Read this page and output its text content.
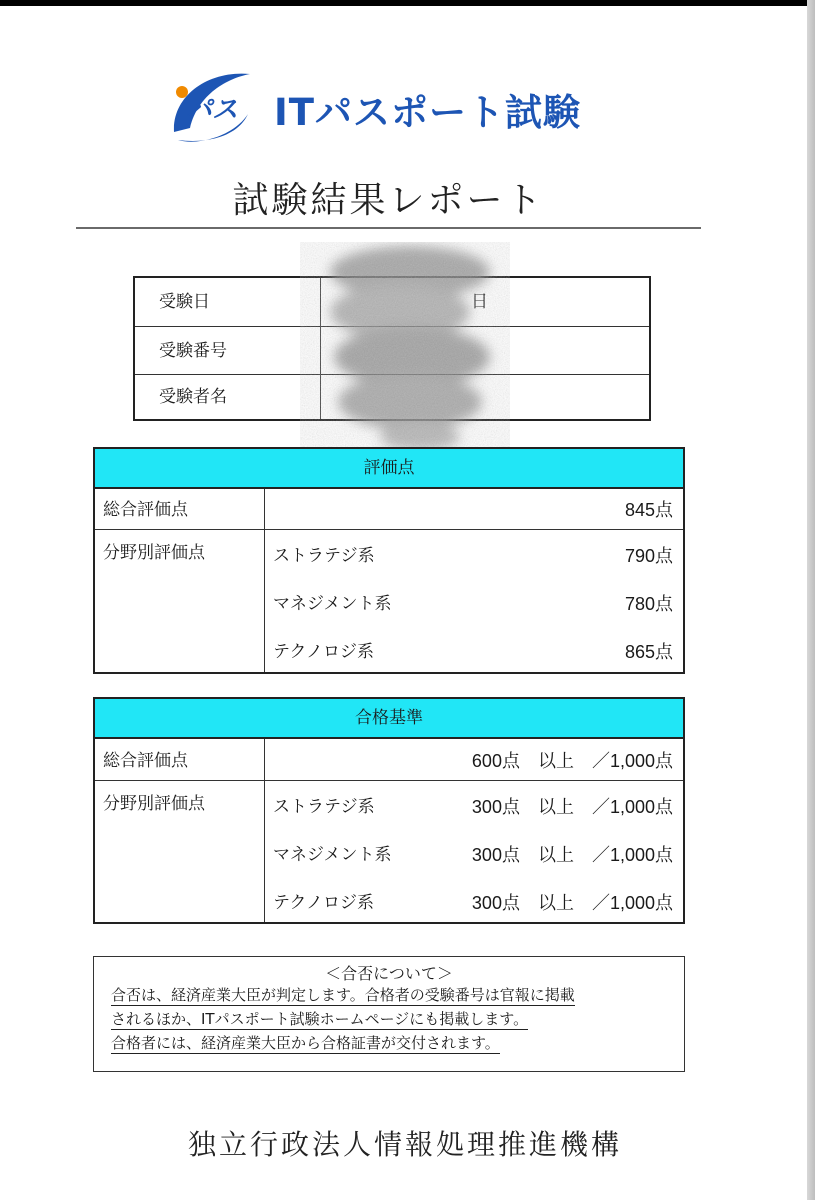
パス ITパスポート試験
試験結果レポート
受験日	日
受験番号
受験者名
評価点
総合評価点	845点
分野別評価点	ストラテジ系	790点
マネジメント系	780点
テクノロジ系	865点
合格基準
総合評価点	600点　以上　／1,000点
分野別評価点	ストラテジ系	300点　以上　／1,000点
マネジメント系	300点　以上　／1,000点
テクノロジ系	300点　以上　／1,000点
＜合否について＞
合否は、経済産業大臣が判定します。合格者の受験番号は官報に掲載
されるほか、ITパスポート試験ホームページにも掲載します。
合格者には、経済産業大臣から合格証書が交付されます。
独立行政法人情報処理推進機構
